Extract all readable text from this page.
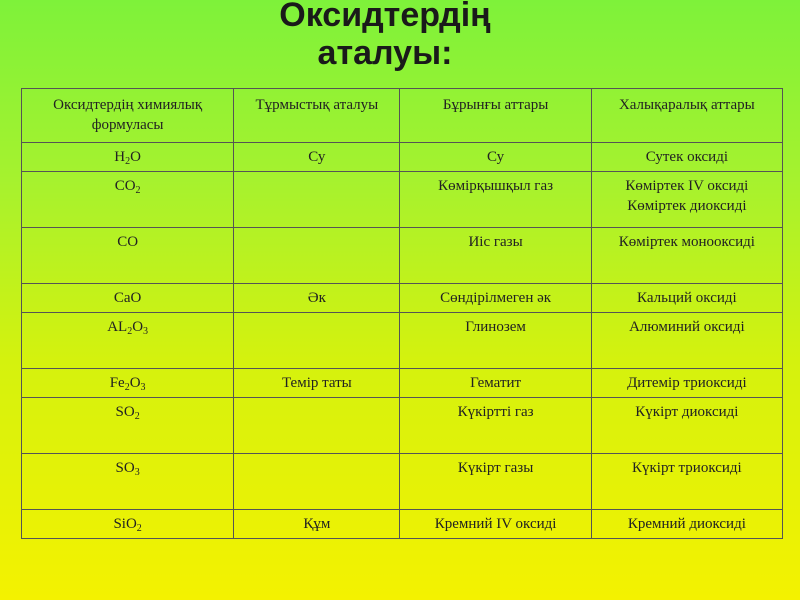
Оксидтердің
аталуы:
Оксидтердің химиялық формуласы	Тұрмыстық аталуы	Бұрынғы аттары	Халықаралық аттары
$H_2O$	Су	Су	Сутек оксиді
$CO_2$		Көмірқышқыл газ	Көміртек IV оксиді
Көміртек диоксиді
CO		Иіс газы	Көміртек монооксиді
CaO	Әк	Сөндірілмеген әк	Кальций оксиді
$AL_2O_3$		Глинозем	Алюминий оксиді
$Fe_2O_3$	Темір таты	Гематит	Дитемір триоксиді
$SO_2$		Күкіртті газ	Күкірт диоксиді
$SO_3$		Күкірт газы	Күкірт триоксиді
SiO$_2$	Құм	Кремний IV оксиді	Кремний диоксиді
